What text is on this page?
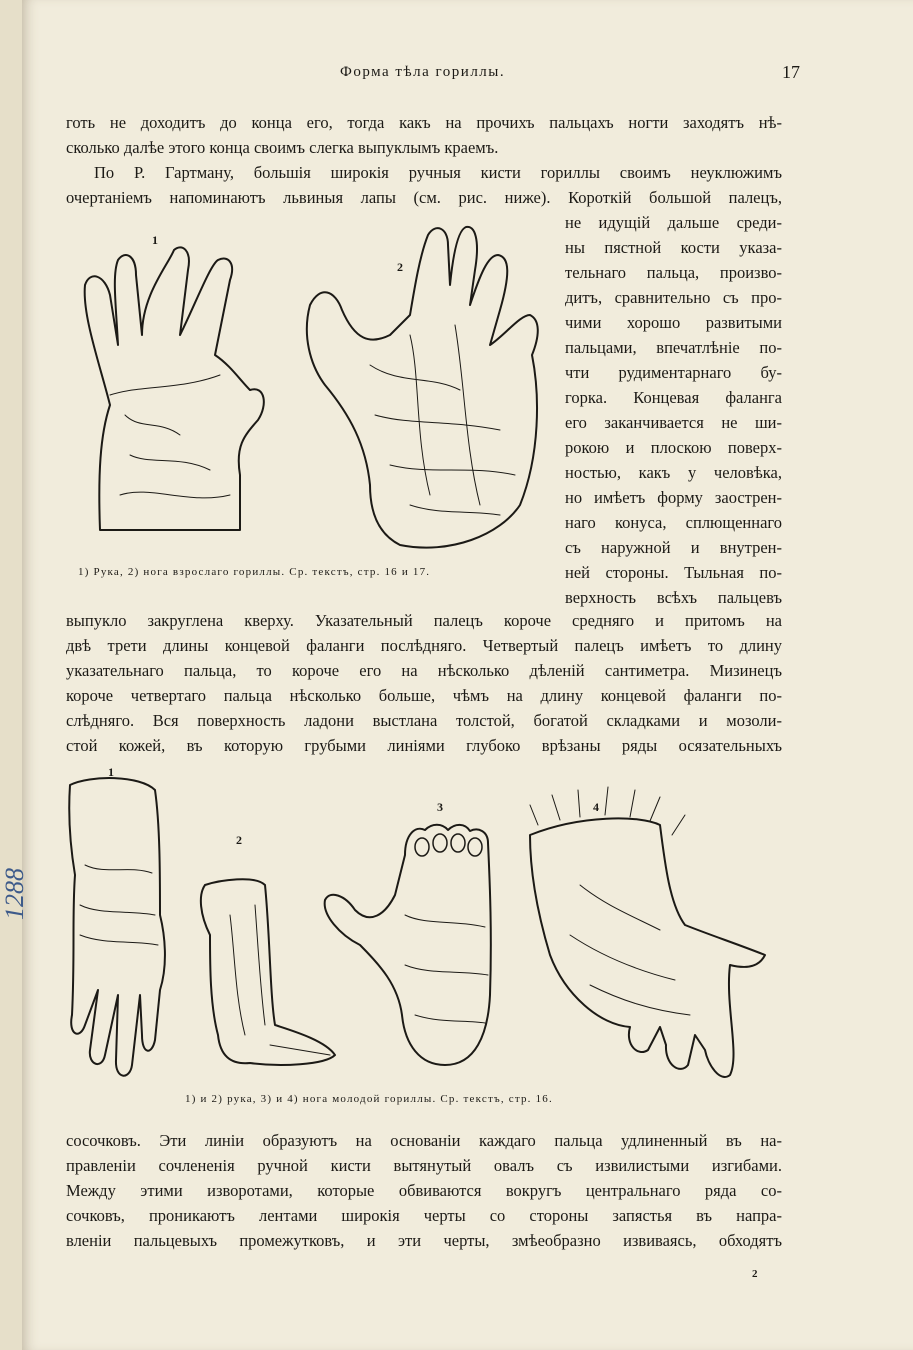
1288
Форма тѣла гориллы.	17
готь не доходитъ до конца его, тогда какъ на прочихъ пальцахъ ногти заходятъ нѣ-
сколько далѣе этого конца своимъ слегка выпуклымъ краемъ.
По Р. Гартману, большія широкія ручныя кисти гориллы своимъ неуклюжимъ
очертаніемъ напоминаютъ львиныя лапы (см. рис. ниже). Короткій большой палецъ,
не идущій дальше среди-
ны пястной кости указа-
тельнаго пальца, произво-
дитъ, сравнительно съ про-
чими хорошо развитыми
пальцами, впечатлѣніе по-
чти рудиментарнаго бу-
горка. Концевая фаланга
его заканчивается не ши-
рокою и плоскою поверх-
ностью, какъ у человѣка,
но имѣетъ форму заострен-
наго конуса, сплющеннаго
съ наружной и внутрен-
ней стороны. Тыльная по-
верхность всѣхъ пальцевъ
1
2
1) Рука, 2) нога взрослаго гориллы. Ср. текстъ, стр. 16 и 17.
выпукло закруглена кверху. Указательный палецъ короче средняго и притомъ на
двѣ трети длины концевой фаланги послѣдняго. Четвертый палецъ имѣетъ то длину
указательнаго пальца, то короче его на нѣсколько дѣленій сантиметра. Мизинецъ
короче четвертаго пальца нѣсколько больше, чѣмъ на длину концевой фаланги по-
слѣдняго. Вся поверхность ладони выстлана толстой, богатой складками и мозоли-
стой кожей, въ которую грубыми линіями глубоко врѣзаны ряды осязательныхъ
1
2
3	4
1) и 2) рука, 3) и 4) нога молодой гориллы. Ср. текстъ, стр. 16.
сосочковъ. Эти линіи образуютъ на основаніи каждаго пальца удлиненный въ на-
правленіи сочлененія ручной кисти вытянутый овалъ съ извилистыми изгибами.
Между этими изворотами, которые обвиваются вокругъ центральнаго ряда со-
сочковъ, проникаютъ лентами широкія черты со стороны запястья въ напра-
вленіи пальцевыхъ промежутковъ, и эти черты, змѣеобразно извиваясь, обходятъ
2
